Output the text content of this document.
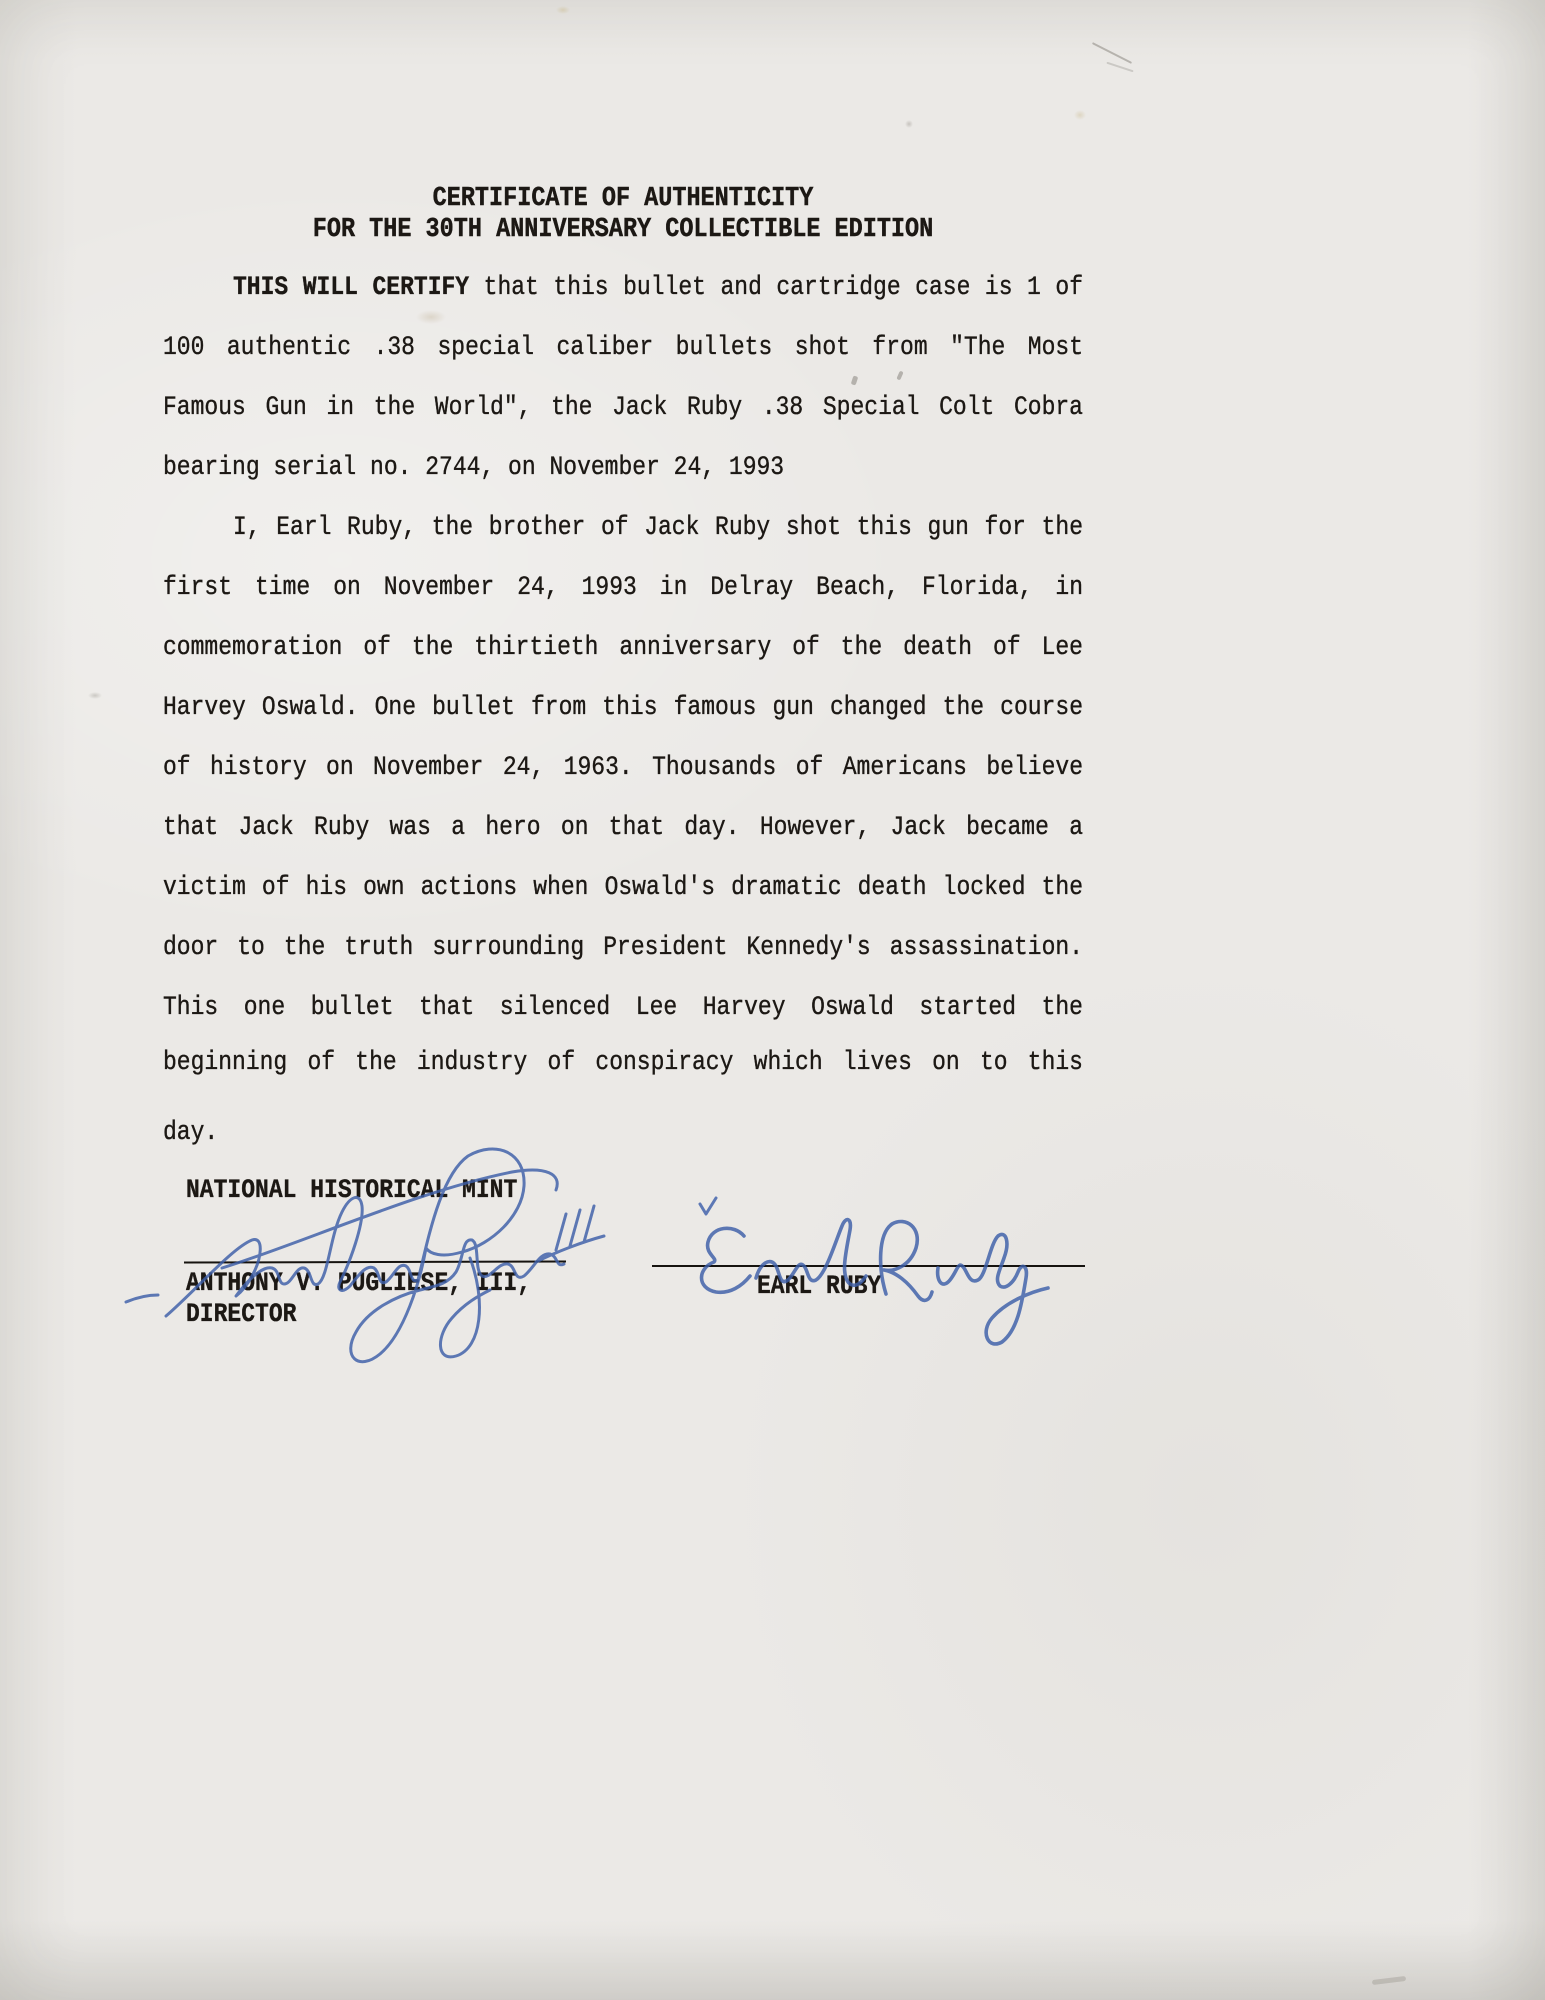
CERTIFICATE OF AUTHENTICITY
FOR THE 30TH ANNIVERSARY COLLECTIBLE EDITION
THIS WILL CERTIFY that this bullet and cartridge case is 1 of
100 authentic .38 special caliber bullets shot from "The Most
Famous Gun in the World", the Jack Ruby .38 Special Colt Cobra
bearing serial no. 2744, on November 24, 1993
I, Earl Ruby, the brother of Jack Ruby shot this gun for the
first time on November 24, 1993 in Delray Beach, Florida, in
commemoration of the thirtieth anniversary of the death of Lee
Harvey Oswald. One bullet from this famous gun changed the course
of history on November 24, 1963. Thousands of Americans believe
that Jack Ruby was a hero on that day. However, Jack became a
victim of his own actions when Oswald's dramatic death locked the
door to the truth surrounding President Kennedy's assassination.
This one bullet that silenced Lee Harvey Oswald started the
beginning of the industry of conspiracy which lives on to this day.
NATIONAL HISTORICAL MINT
ANTHONY V. PUGLIESE, III,
DIRECTOR
EARL RUBY
